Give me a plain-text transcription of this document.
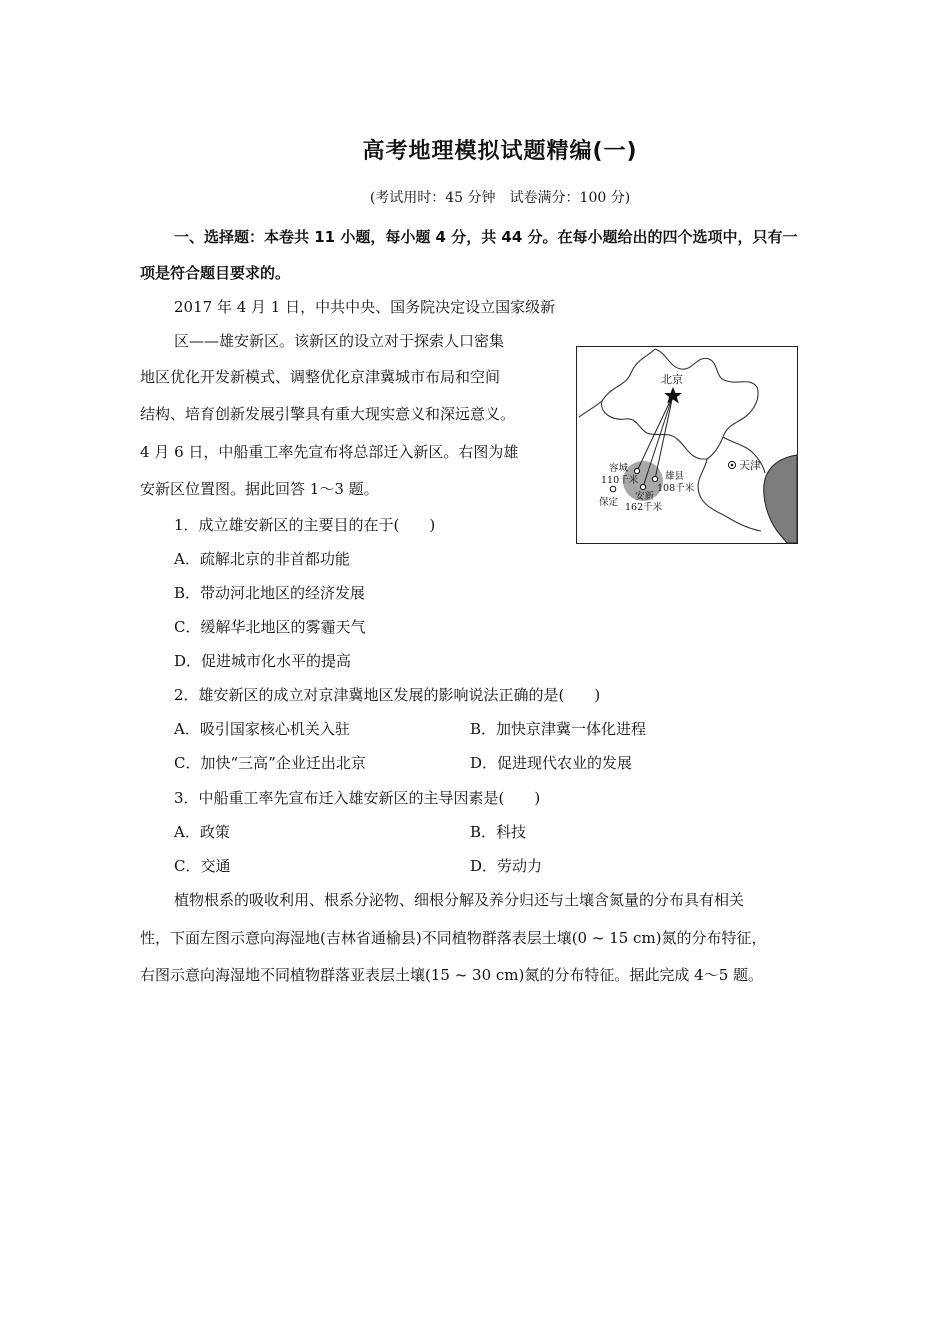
高考地理模拟试题精编(一)
(考试用时：45 分钟　试卷满分：100 分)
一、选择题：本卷共 11 小题，每小题 4 分，共 44 分。在每小题给出的四个选项中，只有一
项是符合题目要求的。
2017 年 4 月 1 日，中共中央、国务院决定设立国家级新
区——雄安新区。该新区的设立对于探索人口密集
地区优化开发新模式、调整优化京津冀城市布局和空间
结构、培育创新发展引擎具有重大现实意义和深远意义。
4 月 6 日，中船重工率先宣布将总部迁入新区。右图为雄
安新区位置图。据此回答 1～3 题。
北京
天津
容城
110千米	雄县
108千米
安新
162千米
保定
1．成立雄安新区的主要目的在于(　　)
A．疏解北京的非首都功能
B．带动河北地区的经济发展
C．缓解华北地区的雾霾天气
D．促进城市化水平的提高
2．雄安新区的成立对京津冀地区发展的影响说法正确的是(　　)
A．吸引国家核心机关入驻	B．加快京津冀一体化进程
C．加快“三高”企业迁出北京	D．促进现代农业的发展
3．中船重工率先宣布迁入雄安新区的主导因素是(　　)
A．政策	B．科技
C．交通	D．劳动力
植物根系的吸收利用、根系分泌物、细根分解及养分归还与土壤含氮量的分布具有相关
性，下面左图示意向海湿地(吉林省通榆县)不同植物群落表层土壤(0 ~ 15 cm)氮的分布特征，
右图示意向海湿地不同植物群落亚表层土壤(15 ~ 30 cm)氮的分布特征。据此完成 4～5 题。
